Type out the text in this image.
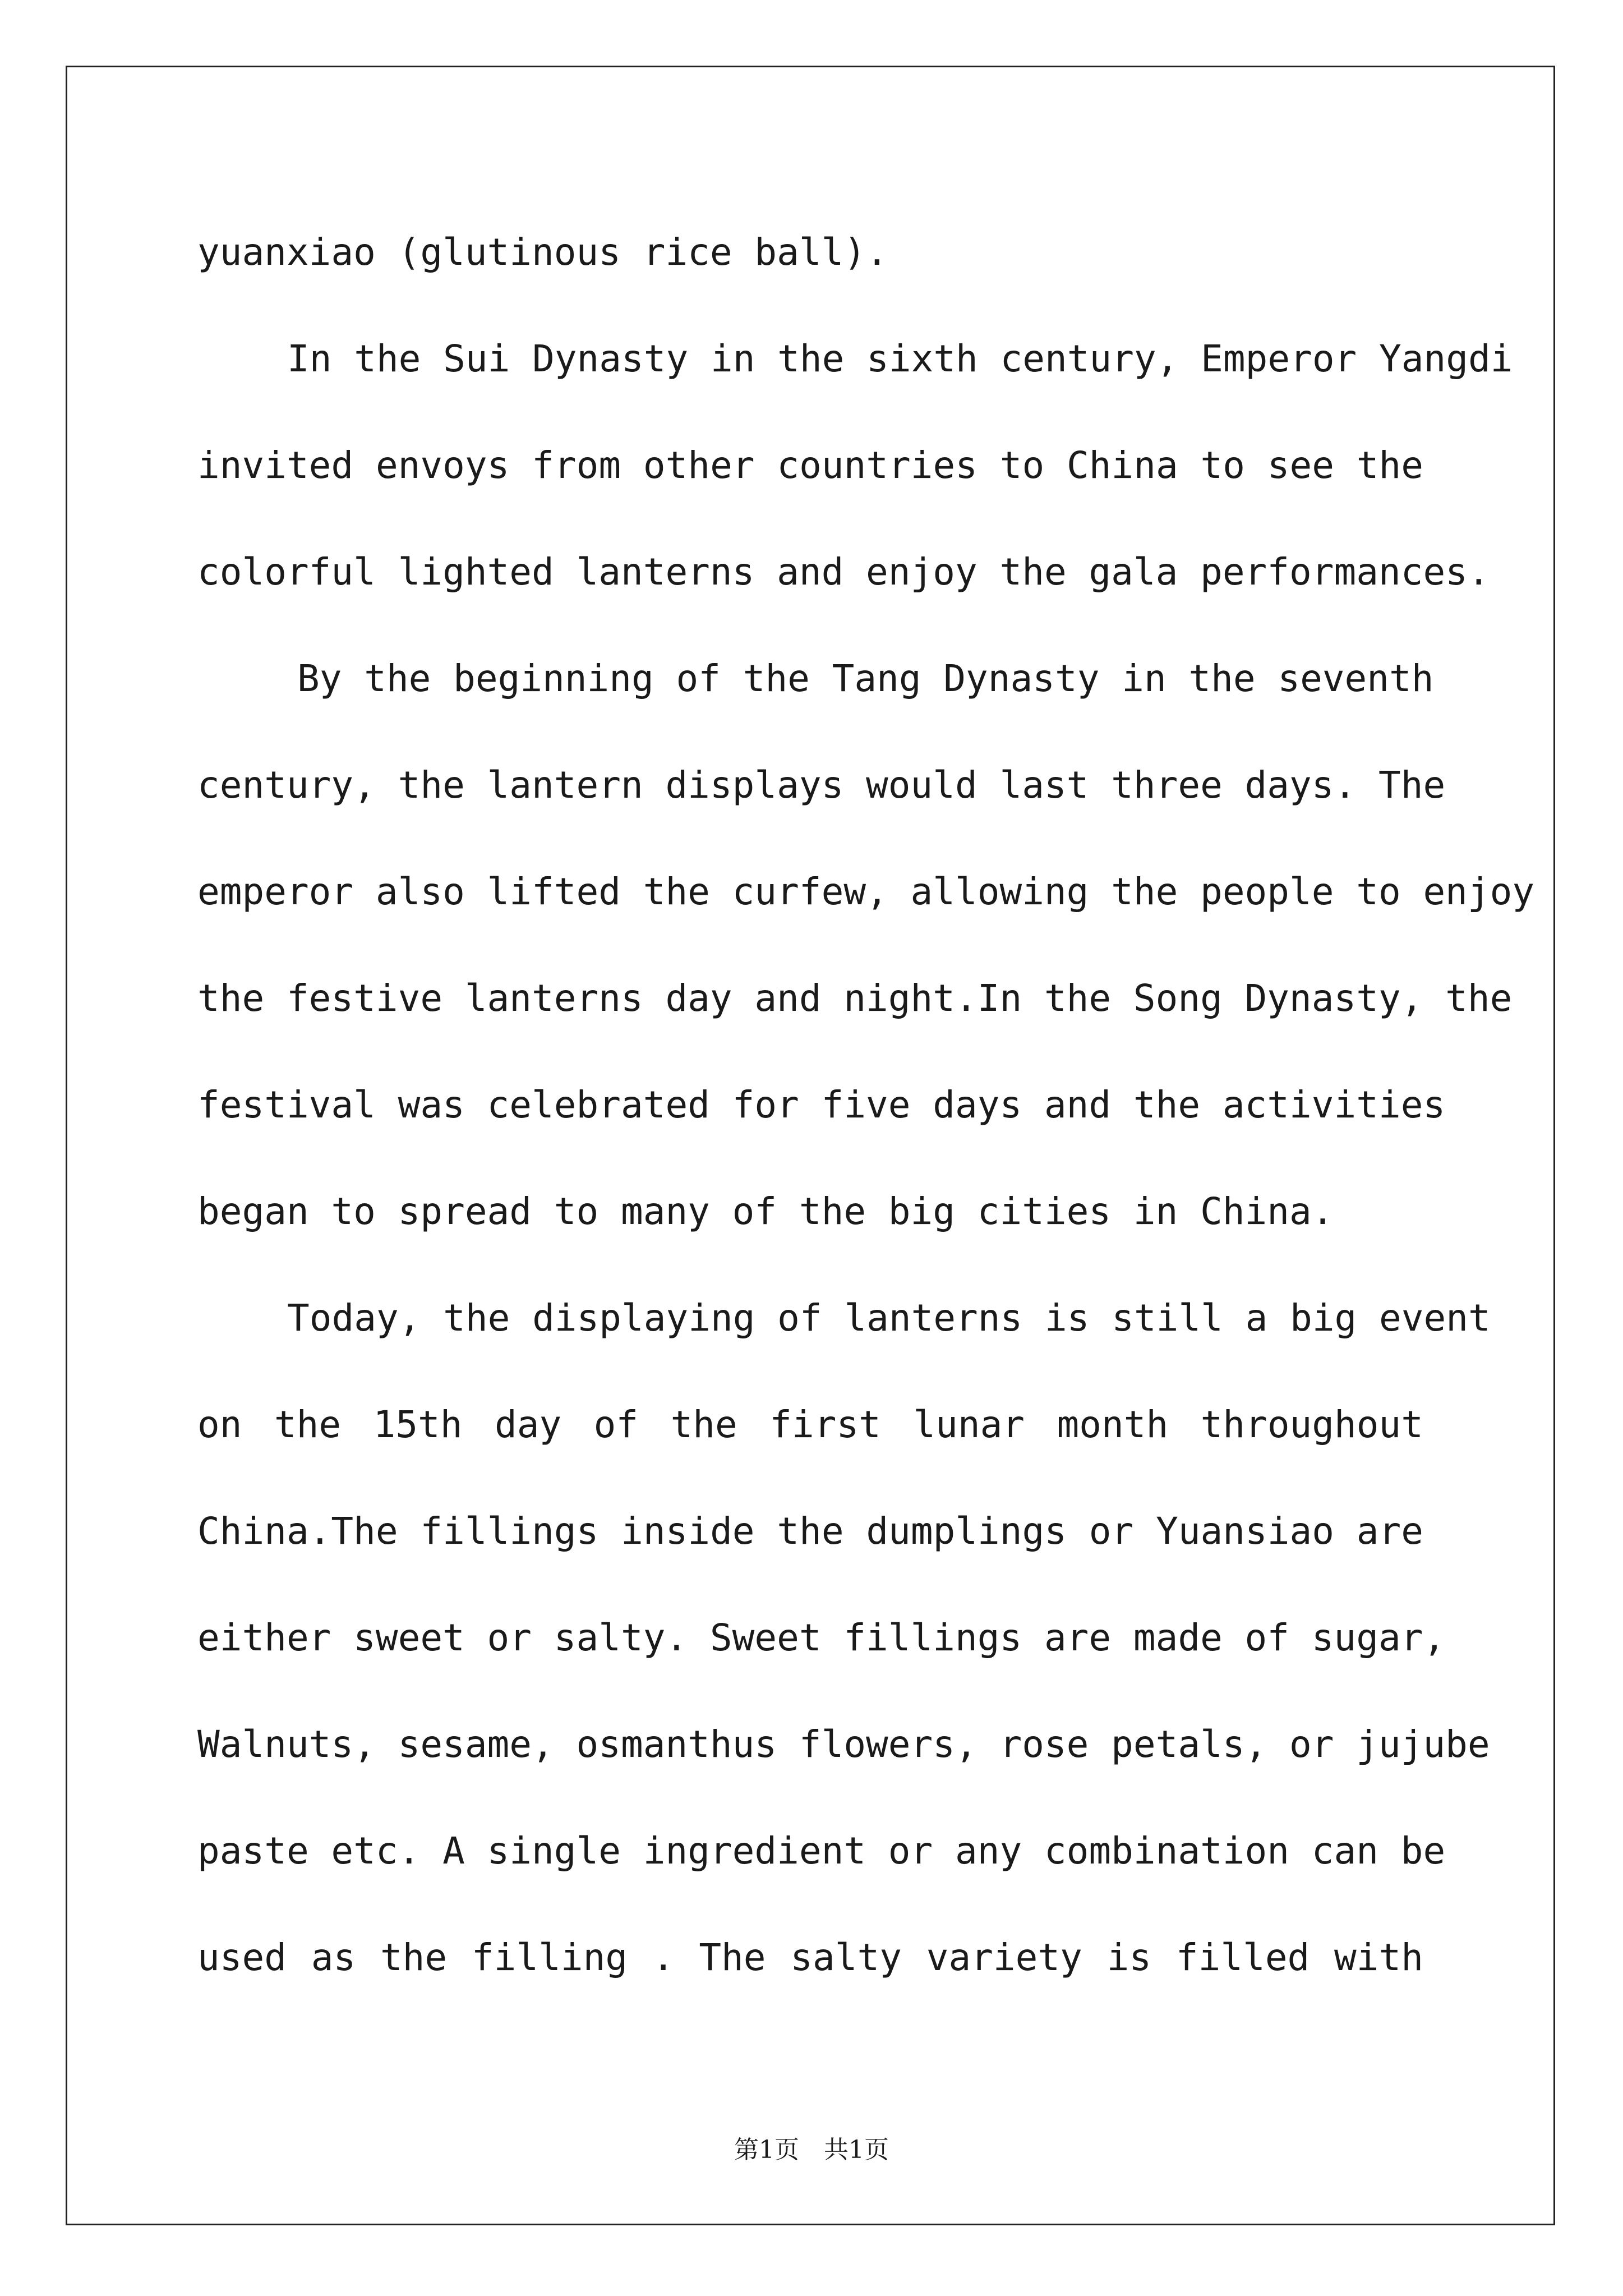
yuanxiao (glutinous rice ball).
In the Sui Dynasty in the sixth century, Emperor Yangdi
invited envoys from other countries to China to see the
colorful lighted lanterns and enjoy the gala performances.
By the beginning of the Tang Dynasty in the seventh
century, the lantern displays would last three days. The
emperor also lifted the curfew, allowing the people to enjoy
the festive lanterns day and night.In the Song Dynasty, the
festival was celebrated for five days and the activities
began to spread to many of the big cities in China.
Today, the displaying of lanterns is still a big event
on the 15th day of the first lunar month throughout
China.The fillings inside the dumplings or Yuansiao are
either sweet or salty. Sweet fillings are made of sugar,
Walnuts, sesame, osmanthus flowers, rose petals, or jujube
paste etc. A single ingredient or any combination can be
used as the filling . The salty variety is filled with
第1页　共1页
